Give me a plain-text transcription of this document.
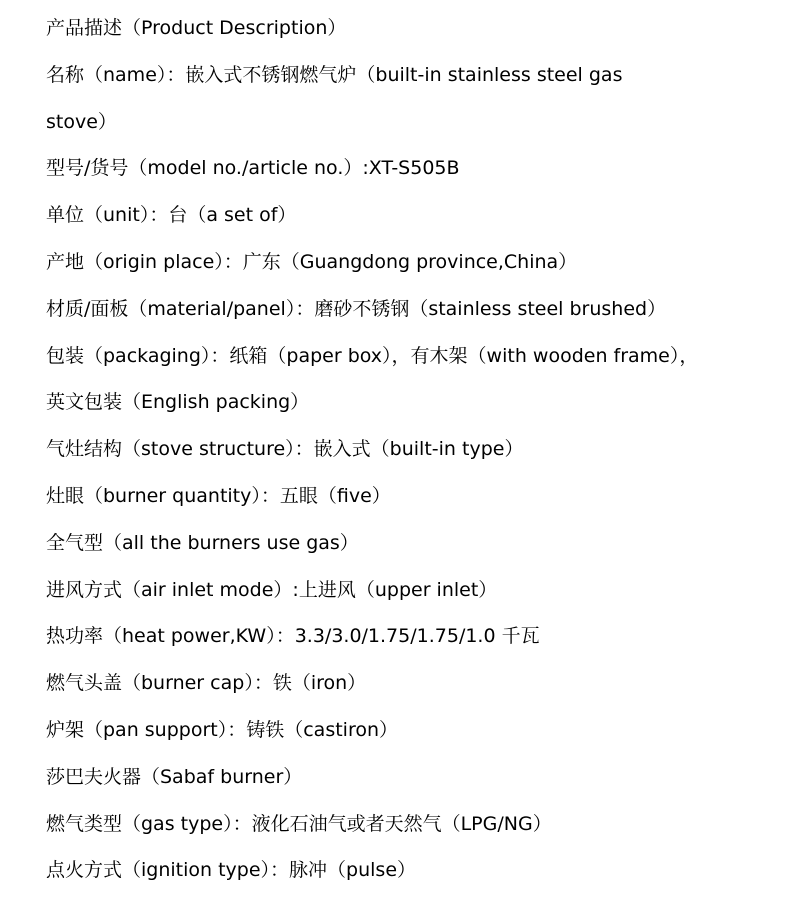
产品描述（Product Description）
名称（name）：嵌入式不锈钢燃气炉（built-in stainless steel gas
stove）
型号/货号（model no./article no.）:XT-S505B
单位（unit）：台（a set of）
产地（origin place）：广东（Guangdong province,China）
材质/面板（material/panel）：磨砂不锈钢（stainless steel brushed）
包装（packaging）：纸箱（paper box），有木架（with wooden frame），
英文包装（English packing）
气灶结构（stove structure）：嵌入式（built-in type）
灶眼（burner quantity）：五眼（five）
全气型（all the burners use gas）
进风方式（air inlet mode）:上进风（upper inlet）
热功率（heat power,KW）：3.3/3.0/1.75/1.75/1.0 千瓦
燃气头盖（burner cap）：铁（iron）
炉架（pan support）：铸铁（castiron）
莎巴夫火器（Sabaf burner）
燃气类型（gas type）：液化石油气或者天然气（LPG/NG）
点火方式（ignition type）：脉冲（pulse）
